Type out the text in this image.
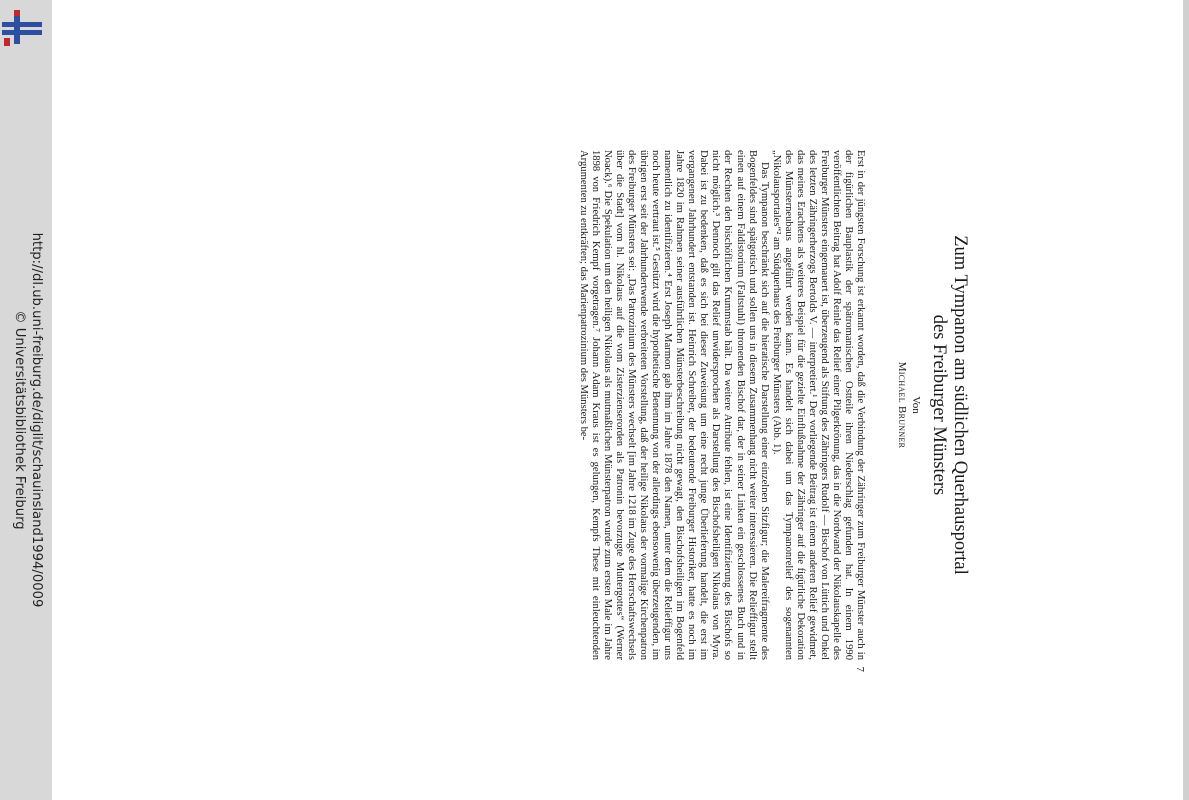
http://dl.ub.uni-freiburg.de/diglit/schauinsland1994/0009
© Universitätsbibliothek Freiburg	Zum Tympanon am südlichen Querhausportal
des Freiburger Münsters
Von
Michael Brunner
7

Erst in der jüngsten Forschung ist erkannt worden, daß die Verbindung der Zähringer zum Freiburger Münster auch in der figürlichen Bauplastik der spätromanischen Ostteile ihren Niederschlag gefunden hat. In einem 1990 veröffentlichten Beitrag hat Adolf Reinle das Relief einer Pilgerkrönung, das in die Nordwand der Nikolauskapelle des Freiburger Münsters eingemauert ist, überzeugend als Stiftung des Zähringers Rudolf — Bischof von Lüttich und Onkel des letzten Zähringerherzogs Bertolds V. — interpretiert.¹ Der vorliegende Beitrag ist einem anderen Relief gewidmet, das meines Erachtens als weiteres Beispiel für die gezielte Einflußnahme der Zähringer auf die figürliche Dekoration des Münsterneubaus angeführt werden kann. Es handelt sich dabei um das Tympanonrelief des sogenannten „Nikolausportales“² am Südquerhaus des Freiburger Münsters (Abb. 1).

Das Tympanon beschränkt sich auf die hieratische Darstellung einer einzelnen Sitzfigur; die Malereifragmente des Bogenfeldes sind spätgotisch und sollen uns in diesem Zusammenhang nicht weiter interessieren. Die Relieffigur stellt einen auf einem Faldistorium (Faltstuhl) thronenden Bischof dar, der in seiner Linken ein geschlossenes Buch und in der Rechten den bischöflichen Krummstab hält. Da weitere Attribute fehlen, ist eine Identifizierung des Bischofs so nicht möglich.³ Dennoch gilt das Relief unwidersprochen als Darstellung des Bischofsheiligen Nikolaus von Myra. Dabei ist zu bedenken, daß es sich bei dieser Zuweisung um eine recht junge Überlieferung handelt, die erst im vergangenen Jahrhundert entstanden ist. Heinrich Schreiber, der bedeutende Freiburger Historiker, hatte es noch im Jahre 1820 im Rahmen seiner ausführlichen Münsterbeschreibung nicht gewagt, den Bischofsheiligen im Bogenfeld namentlich zu identifizieren.⁴ Erst Joseph Marmon gab ihm im Jahre 1878 den Namen, unter dem die Relieffigur uns noch heute vertraut ist.⁵ Gestützt wird die hypothetische Benennung von der allerdings ebensowenig überzeugenden, im übrigen erst seit der Jahrhundertwende verbreiteten Vorstellung, daß der heilige Nikolaus der vormalige Kirchenpatron des Freiburger Münsters sei: „Das Patrozinium des Münsters wechselt [im Jahre 1218 im Zuge des Herrschaftswechsels über die Stadt] vom hl. Nikolaus auf die vom Zisterzienserorden als Patronin bevorzugte Muttergottes“ (Werner Noack).⁶ Die Spekulation um den heiligen Nikolaus als mutmaßlichen Münsterpatron wurde zum ersten Male im Jahre 1898 von Friedrich Kempf vorgetragen.⁷ Johann Adam Kraus ist es gelungen, Kempfs These mit einleuchtenden Argumenten zu entkräften; das Marienpatrozinium des Münsters be-
